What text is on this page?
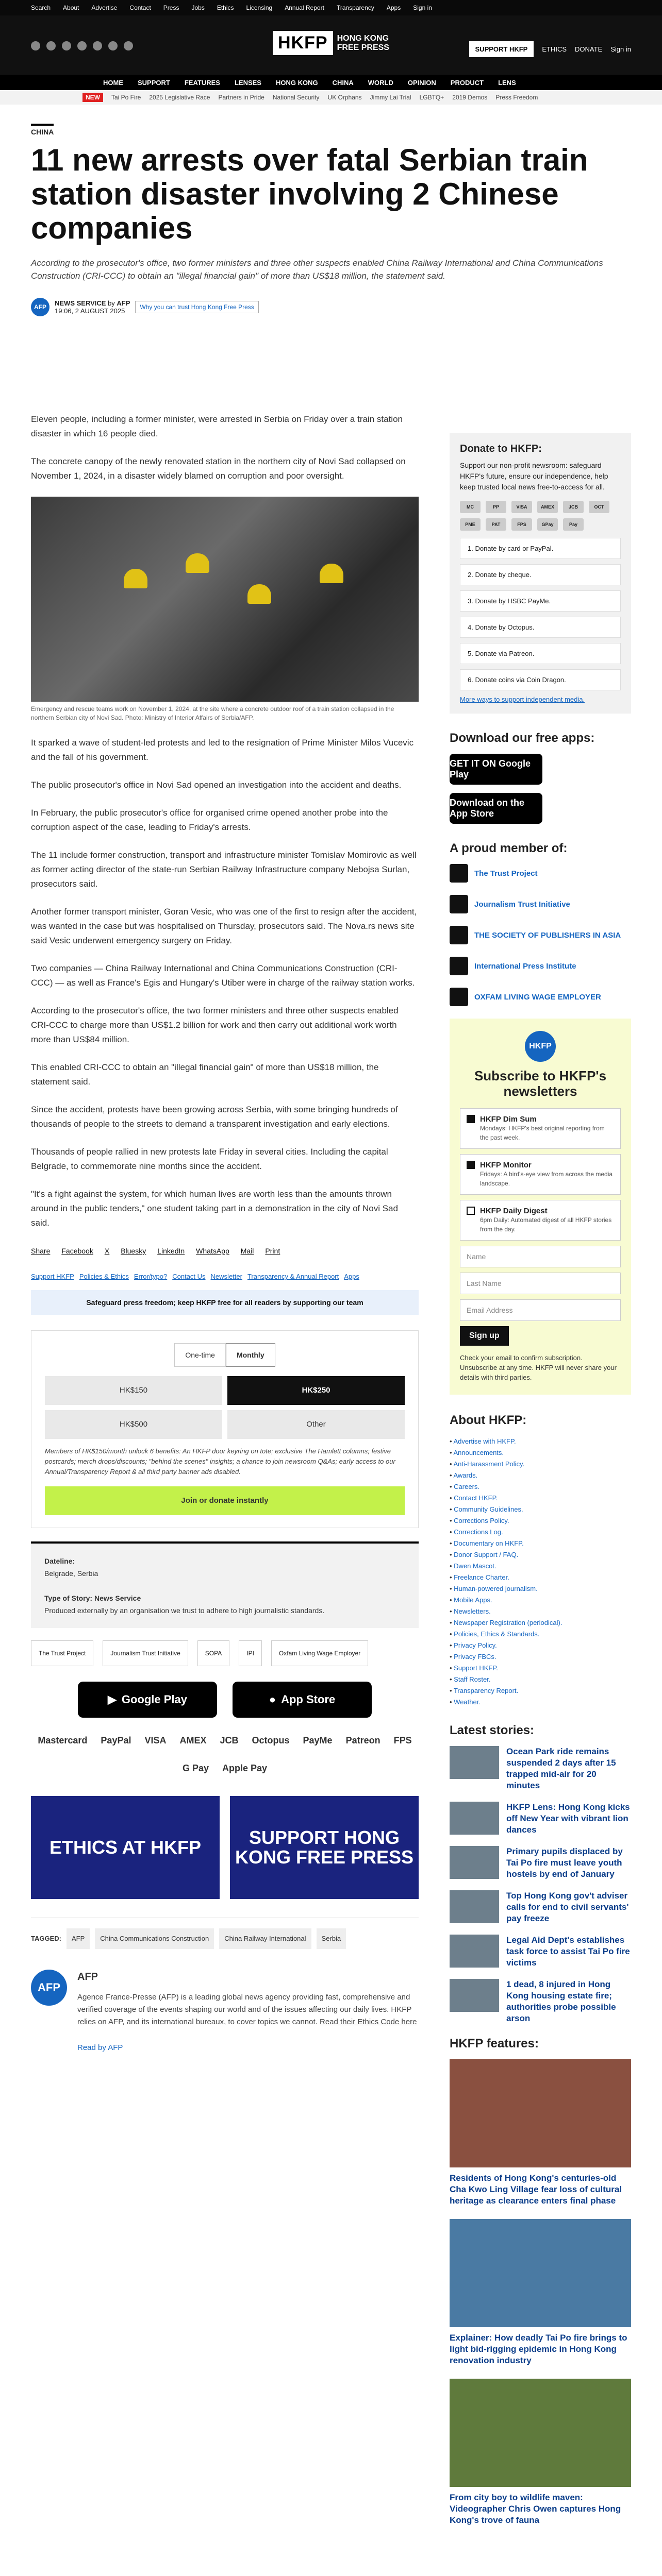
Search About Advertise Contact Press Jobs Ethics Licensing Annual Report Transparency Apps Sign in
HKFP	HONG KONG
FREE PRESS	SUPPORT HKFP	ETHICS DONATE Sign in
HOME SUPPORT FEATURES LENSES HONG KONG CHINA WORLD OPINION PRODUCT LENS
NEW	Tai Po Fire 2025 Legislative Race Partners in Pride National Security UK Orphans Jimmy Lai Trial LGBTQ+ 2019 Demos Press Freedom
CHINA
11 new arrests over fatal Serbian train station disaster involving 2 Chinese companies

According to the prosecutor's office, two former ministers and three other suspects enabled China Railway International and China Communications Construction (CRI-CCC) to obtain an "illegal financial gain" of more than US$18 million, the statement said.

AFP	NEWS SERVICE by AFP
19:06, 2 AUGUST 2025	Why you can trust Hong Kong Free Press

Eleven people, including a former minister, were arrested in Serbia on Friday over a train station disaster in which 16 people died.

The concrete canopy of the newly renovated station in the northern city of Novi Sad collapsed on November 1, 2024, in a disaster widely blamed on corruption and poor oversight.

Emergency and rescue teams work on November 1, 2024, at the site where a concrete outdoor roof of a train station collapsed in the northern Serbian city of Novi Sad. Photo: Ministry of Interior Affairs of Serbia/AFP.

It sparked a wave of student-led protests and led to the resignation of Prime Minister Milos Vucevic and the fall of his government.

The public prosecutor's office in Novi Sad opened an investigation into the accident and deaths.

In February, the public prosecutor's office for organised crime opened another probe into the corruption aspect of the case, leading to Friday's arrests.

The 11 include former construction, transport and infrastructure minister Tomislav Momirovic as well as former acting director of the state-run Serbian Railway Infrastructure company Nebojsa Surlan, prosecutors said.

Another former transport minister, Goran Vesic, who was one of the first to resign after the accident, was wanted in the case but was hospitalised on Thursday, prosecutors said. The Nova.rs news site said Vesic underwent emergency surgery on Friday.

Two companies — China Railway International and China Communications Construction (CRI-CCC) — as well as France's Egis and Hungary's Utiber were in charge of the railway station works.

According to the prosecutor's office, the two former ministers and three other suspects enabled CRI-CCC to charge more than US$1.2 billion for work and then carry out additional work worth more than US$84 million.

This enabled CRI-CCC to obtain an "illegal financial gain" of more than US$18 million, the statement said.

Since the accident, protests have been growing across Serbia, with some bringing hundreds of thousands of people to the streets to demand a transparent investigation and early elections.

Thousands of people rallied in new protests late Friday in several cities. Including the capital Belgrade, to commemorate nine months since the accident.

"It's a fight against the system, for which human lives are worth less than the amounts thrown around in the public tenders," one student taking part in a demonstration in the city of Novi Sad said.

Share Facebook X Bluesky LinkedIn WhatsApp Mail Print
Support HKFP Policies & Ethics Error/typo? Contact Us Newsletter Transparency & Annual Report Apps
Safeguard press freedom; keep HKFP free for all readers by supporting our team
One-time	Monthly
HK$150	HK$250
HK$500	Other

Members of HK$150/month unlock 6 benefits: An HKFP door keyring on tote; exclusive The Hamlett columns; festive postcards; merch drops/discounts; "behind the scenes" insights; a chance to join newsroom Q&As; early access to our Annual/Transparency Report & all third party banner ads disabled.

Join or donate instantly
Dateline:
Belgrade, Serbia

Type of Story: News Service
Produced externally by an organisation we trust to adhere to high journalistic standards.
The Trust Project	Journalism Trust Initiative	SOPA	IPI	Oxfam Living Wage Employer
▶ Google Play	● App Store
Mastercard PayPal VISA AMEX JCB Octopus PayMe Patreon FPS
G Pay Apple Pay
ETHICS AT HKFP	SUPPORT HONG KONG FREE PRESS
TAGGED:	AFP	China Communications Construction	China Railway International	Serbia
AFP
AFP

Agence France-Presse (AFP) is a leading global news agency providing fast, comprehensive and verified coverage of the events shaping our world and of the issues affecting our daily lives. HKFP relies on AFP, and its international bureaux, to cover topics we cannot. Read their Ethics Code here

Read by AFP

Donate to HKFP:

Support our non-profit newsroom: safeguard HKFP's future, ensure our independence, help keep trusted local news free-to-access for all.

MC	PP	VISA	AMEX	JCB	OCT
PME	PAT	FPS	GPay	Pay
1. Donate by card or PayPal.
2. Donate by cheque.
3. Donate by HSBC PayMe.
4. Donate by Octopus.
5. Donate via Patreon.
6. Donate coins via Coin Dragon.

More ways to support independent media.

Download our free apps:
GET IT ON Google Play
Download on the App Store
A proud member of:
The Trust Project
Journalism Trust Initiative
THE SOCIETY OF PUBLISHERS IN ASIA
International Press Institute
OXFAM LIVING WAGE EMPLOYER
HKFP
Subscribe to HKFP's newsletters
HKFP Dim Sum
Mondays: HKFP's best original reporting from the past week.
HKFP Monitor
Fridays: A bird's-eye view from across the media landscape.
HKFP Daily Digest
6pm Daily: Automated digest of all HKFP stories from the day.
Name
Last Name
Email Address
Sign up

Check your email to confirm subscription. Unsubscribe at any time. HKFP will never share your details with third parties.

About HKFP:
• Advertise with HKFP.
• Announcements.
• Anti-Harassment Policy.
• Awards.
• Careers.
• Contact HKFP.
• Community Guidelines.
• Corrections Policy.
• Corrections Log.
• Documentary on HKFP.
• Donor Support / FAQ.
• Dwen Mascot.
• Freelance Charter.
• Human-powered journalism.
• Mobile Apps.
• Newsletters.
• Newspaper Registration (periodical).
• Policies, Ethics & Standards.
• Privacy Policy.
• Privacy FBCs.
• Support HKFP.
• Staff Roster.
• Transparency Report.
• Weather.
Latest stories:
Ocean Park ride remains suspended 2 days after 15 trapped mid-air for 20 minutes
HKFP Lens: Hong Kong kicks off New Year with vibrant lion dances
Primary pupils displaced by Tai Po fire must leave youth hostels by end of January
Top Hong Kong gov't adviser calls for end to civil servants' pay freeze
Legal Aid Dept's establishes task force to assist Tai Po fire victims
1 dead, 8 injured in Hong Kong housing estate fire; authorities probe possible arson
HKFP features:
Residents of Hong Kong's centuries-old Cha Kwo Ling Village fear loss of cultural heritage as clearance enters final phase
Explainer: How deadly Tai Po fire brings to light bid-rigging epidemic in Hong Kong renovation industry
From city boy to wildlife maven: Videographer Chris Owen captures Hong Kong's trove of fauna
